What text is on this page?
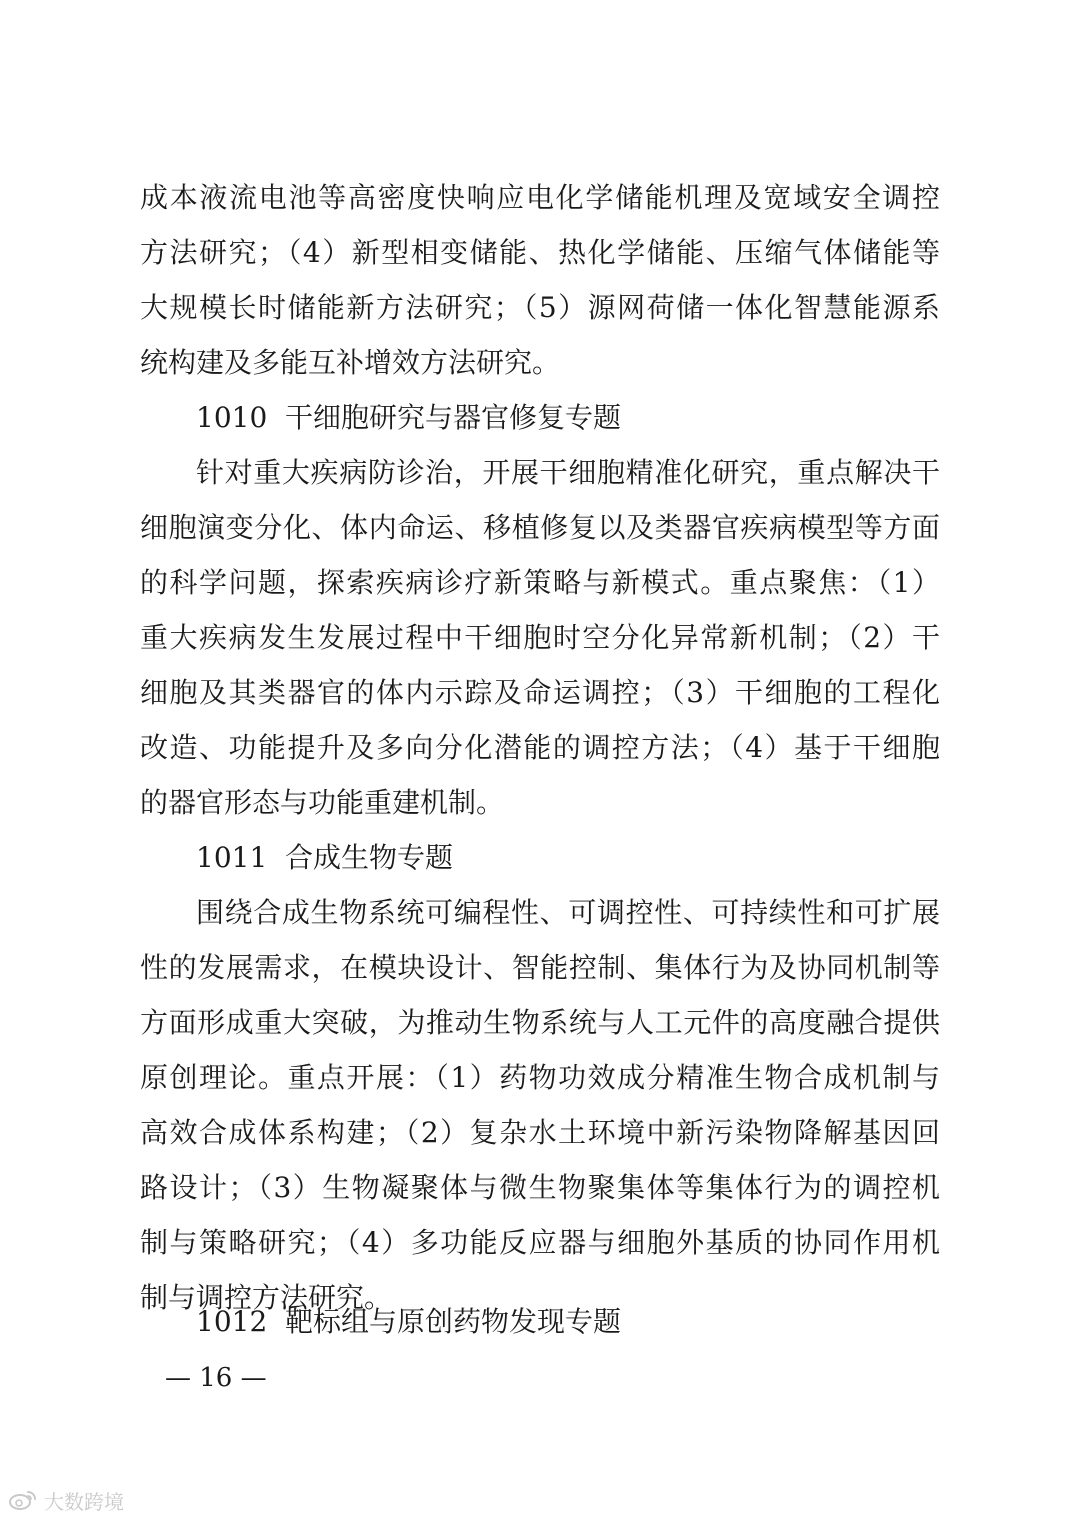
成本液流电池等高密度快响应电化学储能机理及宽域安全调控
方法研究；（4）新型相变储能、热化学储能、压缩气体储能等
大规模长时储能新方法研究；（5）源网荷储一体化智慧能源系
统构建及多能互补增效方法研究。
1010  干细胞研究与器官修复专题
针对重大疾病防诊治，开展干细胞精准化研究，重点解决干
细胞演变分化、体内命运、移植修复以及类器官疾病模型等方面
的科学问题，探索疾病诊疗新策略与新模式。重点聚焦：（1）
重大疾病发生发展过程中干细胞时空分化异常新机制；（2）干
细胞及其类器官的体内示踪及命运调控；（3）干细胞的工程化
改造、功能提升及多向分化潜能的调控方法；（4）基于干细胞
的器官形态与功能重建机制。
1011  合成生物专题
围绕合成生物系统可编程性、可调控性、可持续性和可扩展
性的发展需求，在模块设计、智能控制、集体行为及协同机制等
方面形成重大突破，为推动生物系统与人工元件的高度融合提供
原创理论。重点开展：（1）药物功效成分精准生物合成机制与
高效合成体系构建；（2）复杂水土环境中新污染物降解基因回
路设计；（3）生物凝聚体与微生物聚集体等集体行为的调控机
制与策略研究；（4）多功能反应器与细胞外基质的协同作用机
制与调控方法研究。
1012  靶标组与原创药物发现专题
— 16 —
大数跨境
